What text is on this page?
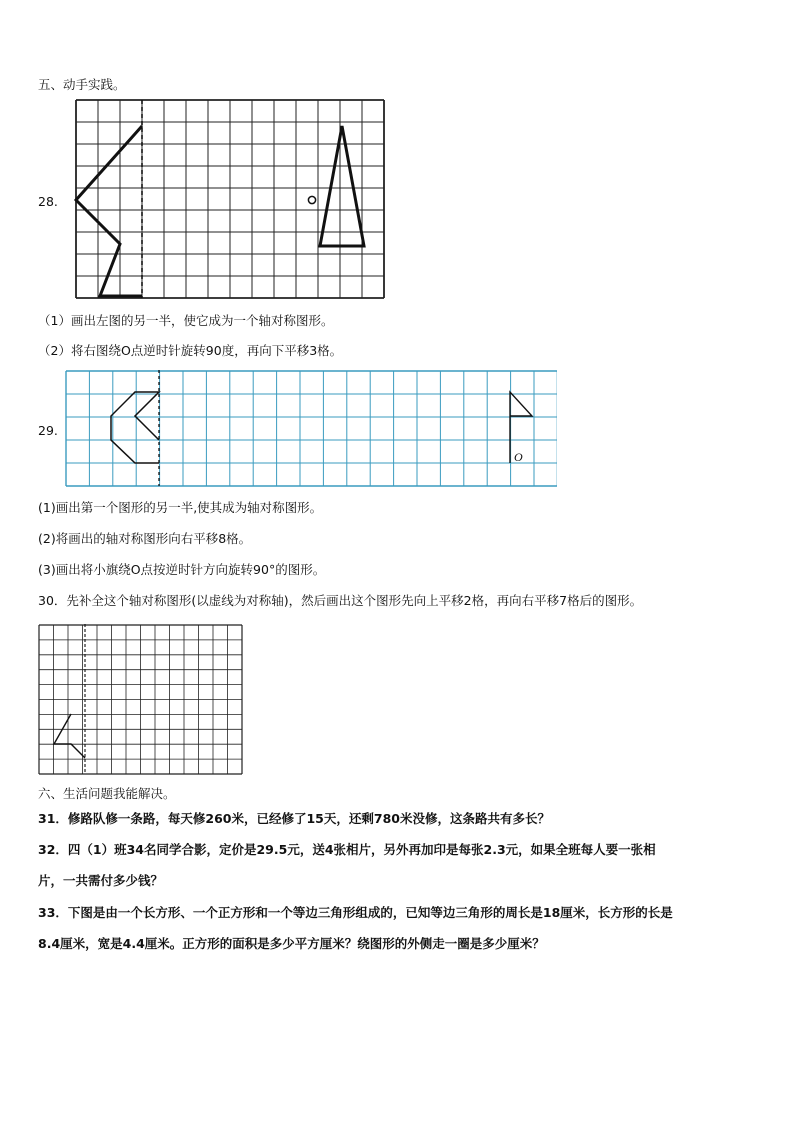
五、动手实践。
28.
（1）画出左图的另一半，使它成为一个轴对称图形。
（2）将右图绕O点逆时针旋转90度，再向下平移3格。
29.
O
(1)画出第一个图形的另一半,使其成为轴对称图形。
(2)将画出的轴对称图形向右平移8格。
(3)画出将小旗绕O点按逆时针方向旋转90°的图形。
30．先补全这个轴对称图形(以虚线为对称轴)，然后画出这个图形先向上平移2格，再向右平移7格后的图形。
六、生活问题我能解决。
31．修路队修一条路，每天修260米，已经修了15天，还剩780米没修，这条路共有多长？
32．四（1）班34名同学合影，定价是29.5元，送4张相片，另外再加印是每张2.3元，如果全班每人要一张相
片，一共需付多少钱？
33．下图是由一个长方形、一个正方形和一个等边三角形组成的，已知等边三角形的周长是18厘米，长方形的长是
8.4厘米，宽是4.4厘米。正方形的面积是多少平方厘米？绕图形的外侧走一圈是多少厘米？
